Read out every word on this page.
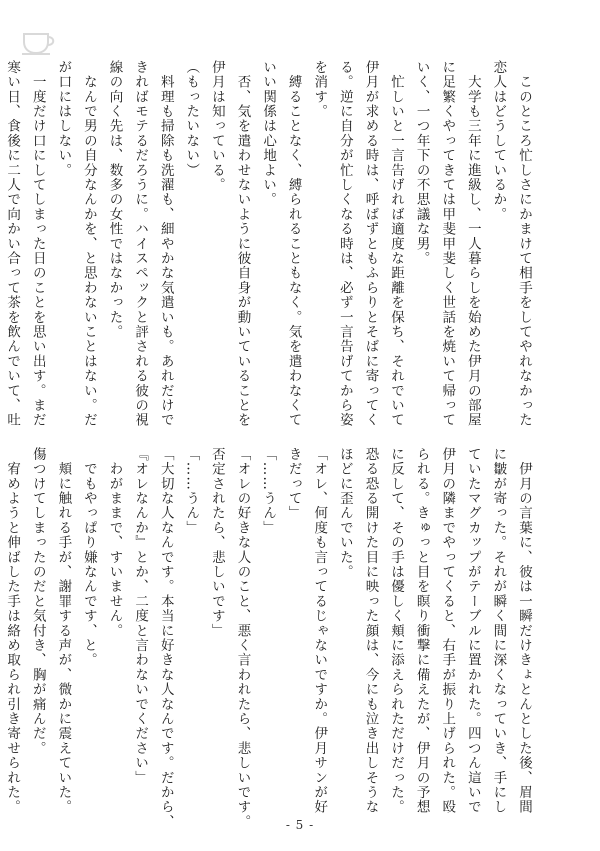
　このところ忙しさにかまけて相手をしてやれなかった
恋人はどうしているか。
　大学も三年に進級し、一人暮らしを始めた伊月の部屋
に足繁くやってきては甲斐甲斐しく世話を焼いて帰って
いく、一つ年下の不思議な男。
　忙しいと一言告げれば適度な距離を保ち、それでいて
伊月が求める時は、呼ばずともふらりとそばに寄ってく
る。逆に自分が忙しくなる時は、必ず一言告げてから姿
を消す。
　縛ることなく、縛られることもなく。気を遣わなくて
いい関係は心地よい。
　否、気を遣わせないように彼自身が動いていることを
伊月は知っている。
（もったいない）
　料理も掃除も洗濯も、細やかな気遣いも。あれだけで
きればモテるだろうに。ハイスペックと評される彼の視
線の向く先は、数多の女性ではなかった。
　なんで男の自分なんかを、と思わないことはない。だ
が口にはしない。
　一度だけ口にしてしまった日のことを思い出す。まだ
寒い日、食後に二人で向かい合って茶を飲んでいて、吐
　伊月の言葉に、彼は一瞬だけきょとんとした後、眉間
に皺が寄った。それが瞬く間に深くなっていき、手にし
ていたマグカップがテーブルに置かれた。四つん這いで
伊月の隣までやってくると、右手が振り上げられた。殴
られる。きゅっと目を瞑り衝撃に備えたが、伊月の予想
に反して、その手は優しく頬に添えられただけだった。
恐る恐る開けた目に映った顔は、今にも泣き出しそうな
ほどに歪んでいた。
「オレ、何度も言ってるじゃないですか。伊月サンが好
きだって」
「……うん」
「オレの好きな人のこと、悪く言われたら、悲しいです。
否定されたら、悲しいです」
「……うん」
「大切な人なんです。本当に好きな人なんです。だから、
『オレなんか』とか、二度と言わないでください」
　わがままで、すいません。
　でもやっぱり嫌なんです、と。
　頬に触れる手が、謝罪する声が、微かに震えていた。
傷つけてしまったのだと気付き、胸が痛んだ。
　宥めようと伸ばした手は絡め取られ引き寄せられた。
- 5 -
